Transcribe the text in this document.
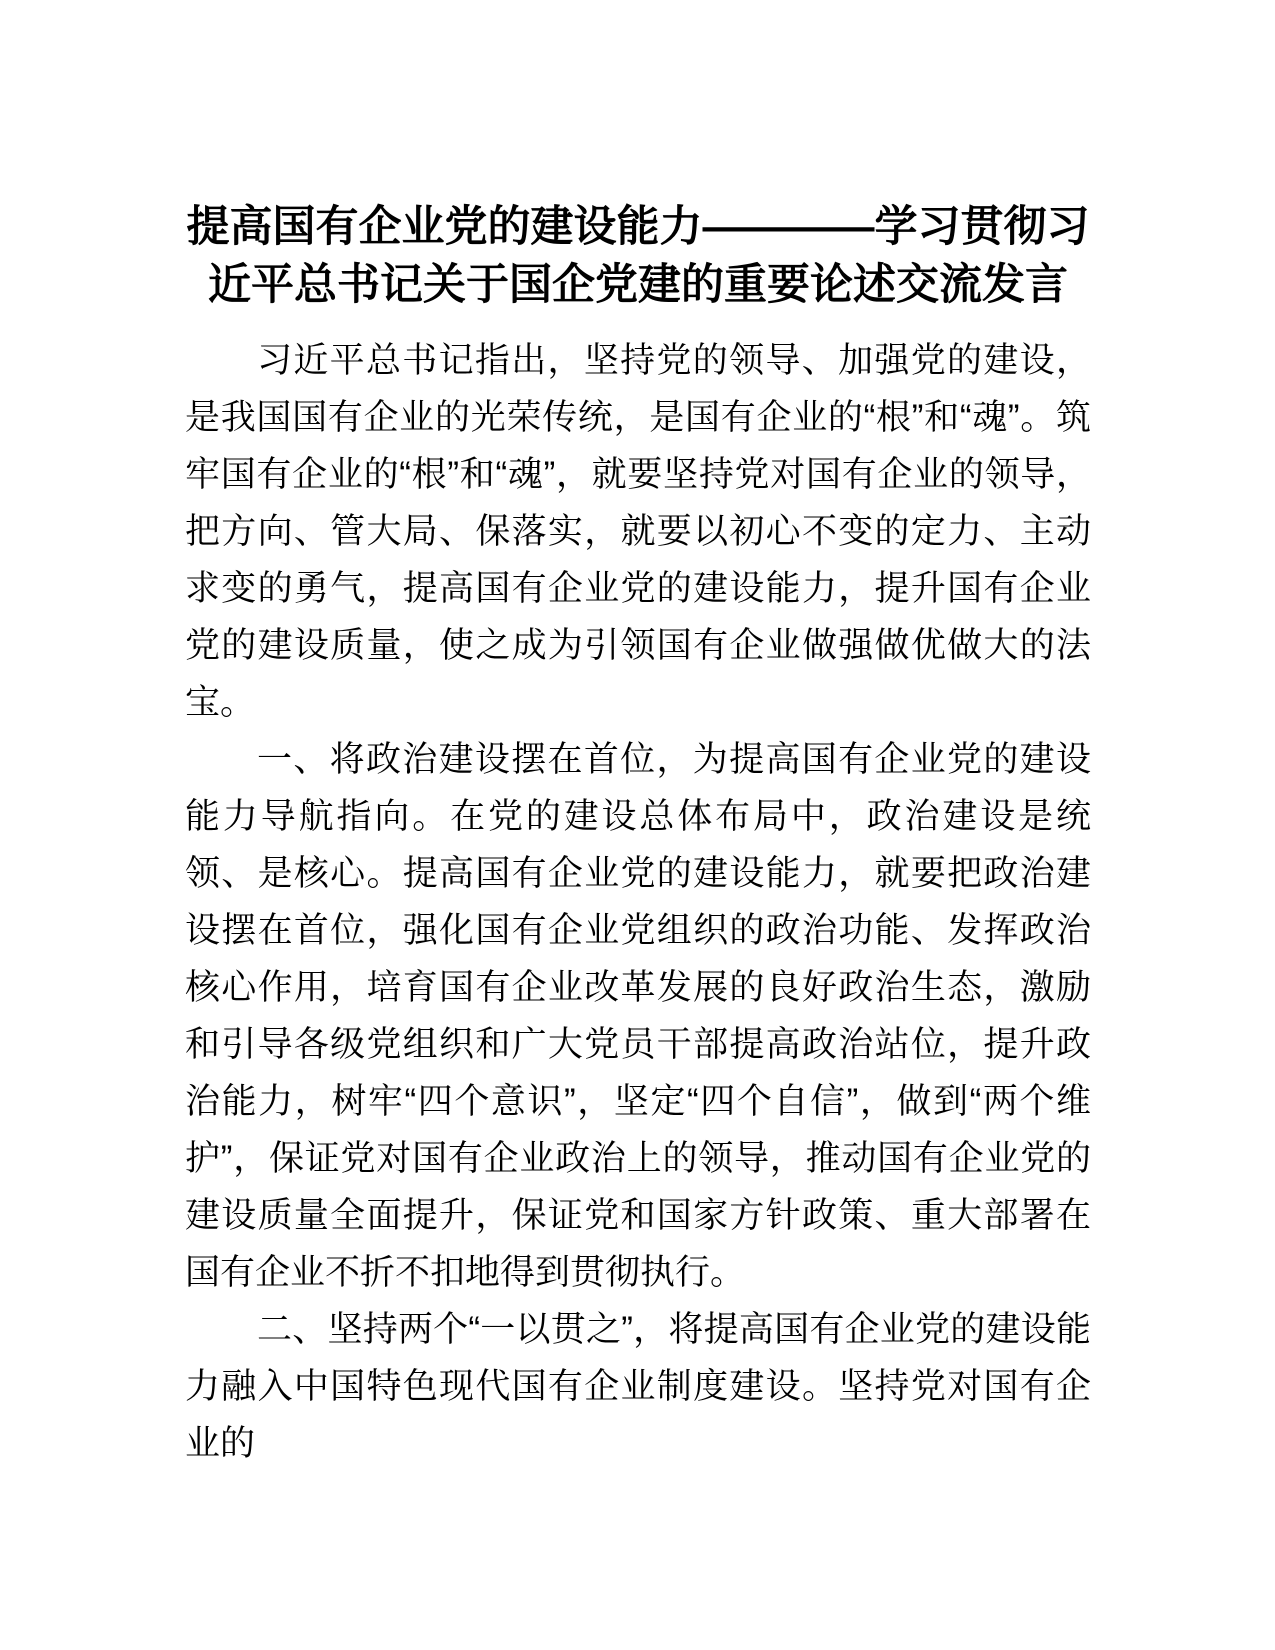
提高国有企业党的建设能力————学习贯彻习近平总书记关于国企党建的重要论述交流发言

习近平总书记指出，坚持党的领导、加强党的建设，是我国国有企业的光荣传统，是国有企业的“根”和“魂”。筑牢国有企业的“根”和“魂”，就要坚持党对国有企业的领导，把方向、管大局、保落实，就要以初心不变的定力、主动求变的勇气，提高国有企业党的建设能力，提升国有企业党的建设质量，使之成为引领国有企业做强做优做大的法宝。

一、将政治建设摆在首位，为提高国有企业党的建设能力导航指向。在党的建设总体布局中，政治建设是统领、是核心。提高国有企业党的建设能力，就要把政治建设摆在首位，强化国有企业党组织的政治功能、发挥政治核心作用，培育国有企业改革发展的良好政治生态，激励和引导各级党组织和广大党员干部提高政治站位，提升政治能力，树牢“四个意识”，坚定“四个自信”，做到“两个维护”，保证党对国有企业政治上的领导，推动国有企业党的建设质量全面提升，保证党和国家方针政策、重大部署在国有企业不折不扣地得到贯彻执行。

二、坚持两个“一以贯之”，将提高国有企业党的建设能力融入中国特色现代国有企业制度建设。坚持党对国有企业的
